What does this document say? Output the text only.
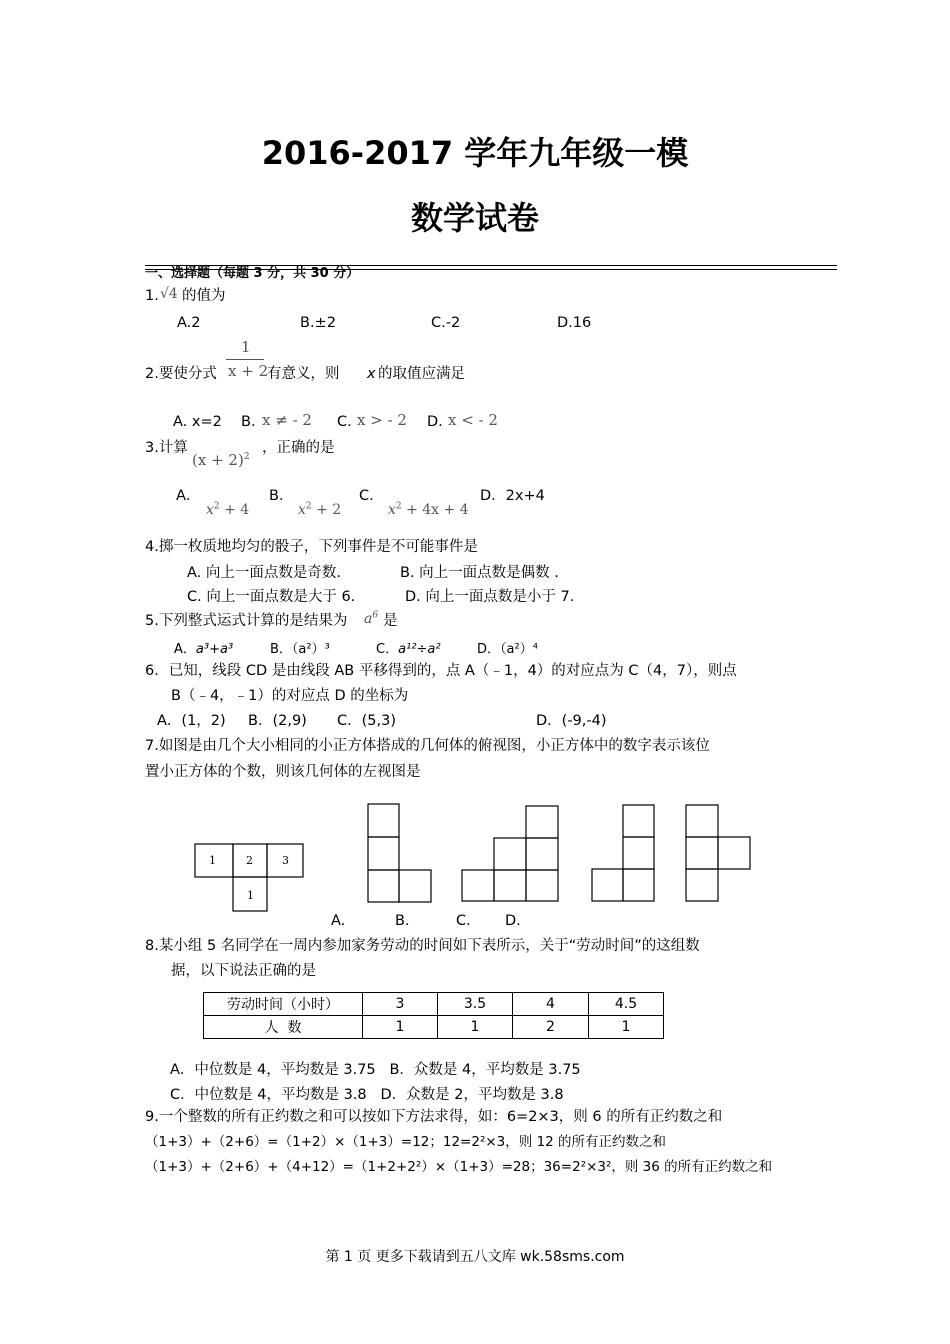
2016-2017 学年九年级一模
数学试卷
一、选择题（每题 3 分，共 30 分）
1. √4 的值为
A.2	B.±2	C.-2	D.16
2.要使分式
1
x + 2
有意义，则 x 的取值应满足
A. x=2 B. x ≠ - 2 C. x > - 2 D. x < - 2
3.计算
$(x + 2)^2$
，正确的是
A．
$x^2 + 4$
B．
$x^2 + 2$
C．
$x^2 + 4x + 4$
D．2x+4
4.掷一枚质地均匀的骰子，下列事件是不可能事件是
A. 向上一面点数是奇数.	B. 向上一面点数是偶数 .
C. 向上一面点数是大于 6.	D. 向上一面点数是小于 7.
5.下列整式运式计算的是结果为 $a^6$ 是
A．a³+a³	B．（a²）³	C．a¹²÷a²	D．（a²）⁴
6．已知，线段 CD 是由线段 AB 平移得到的，点 A（﹣1，4）的对应点为 C（4，7），则点
B（﹣4，﹣1）的对应点 D 的坐标为
A．(1，2) B．(2,9) C．(5,3)	D．(-9,-4)
7.如图是由几个大小相同的小正方体搭成的几何体的俯视图，小正方体中的数字表示该位
置小正方体的个数，则该几何体的左视图是
1	2	3
1
A.	B．	C． D.
8.某小组 5 名同学在一周内参加家务劳动的时间如下表所示，关于“劳动时间”的这组数
据，以下说法正确的是
劳动时间（小时）	3	3.5	4	4.5
人  数	1	1	2	1
A．中位数是 4，平均数是 3.75   B．众数是 4，平均数是 3.75
C．中位数是 4，平均数是 3.8   D．众数是 2，平均数是 3.8
9.一个整数的所有正约数之和可以按如下方法求得，如：6=2×3，则 6 的所有正约数之和
（1+3）+（2+6）=（1+2）×（1+3）=12；12=2²×3，则 12 的所有正约数之和
（1+3）+（2+6）+（4+12）=（1+2+2²）×（1+3）=28；36=2²×3²，则 36 的所有正约数之和
第 1 页 更多下载请到五八文库 wk.58sms.com
